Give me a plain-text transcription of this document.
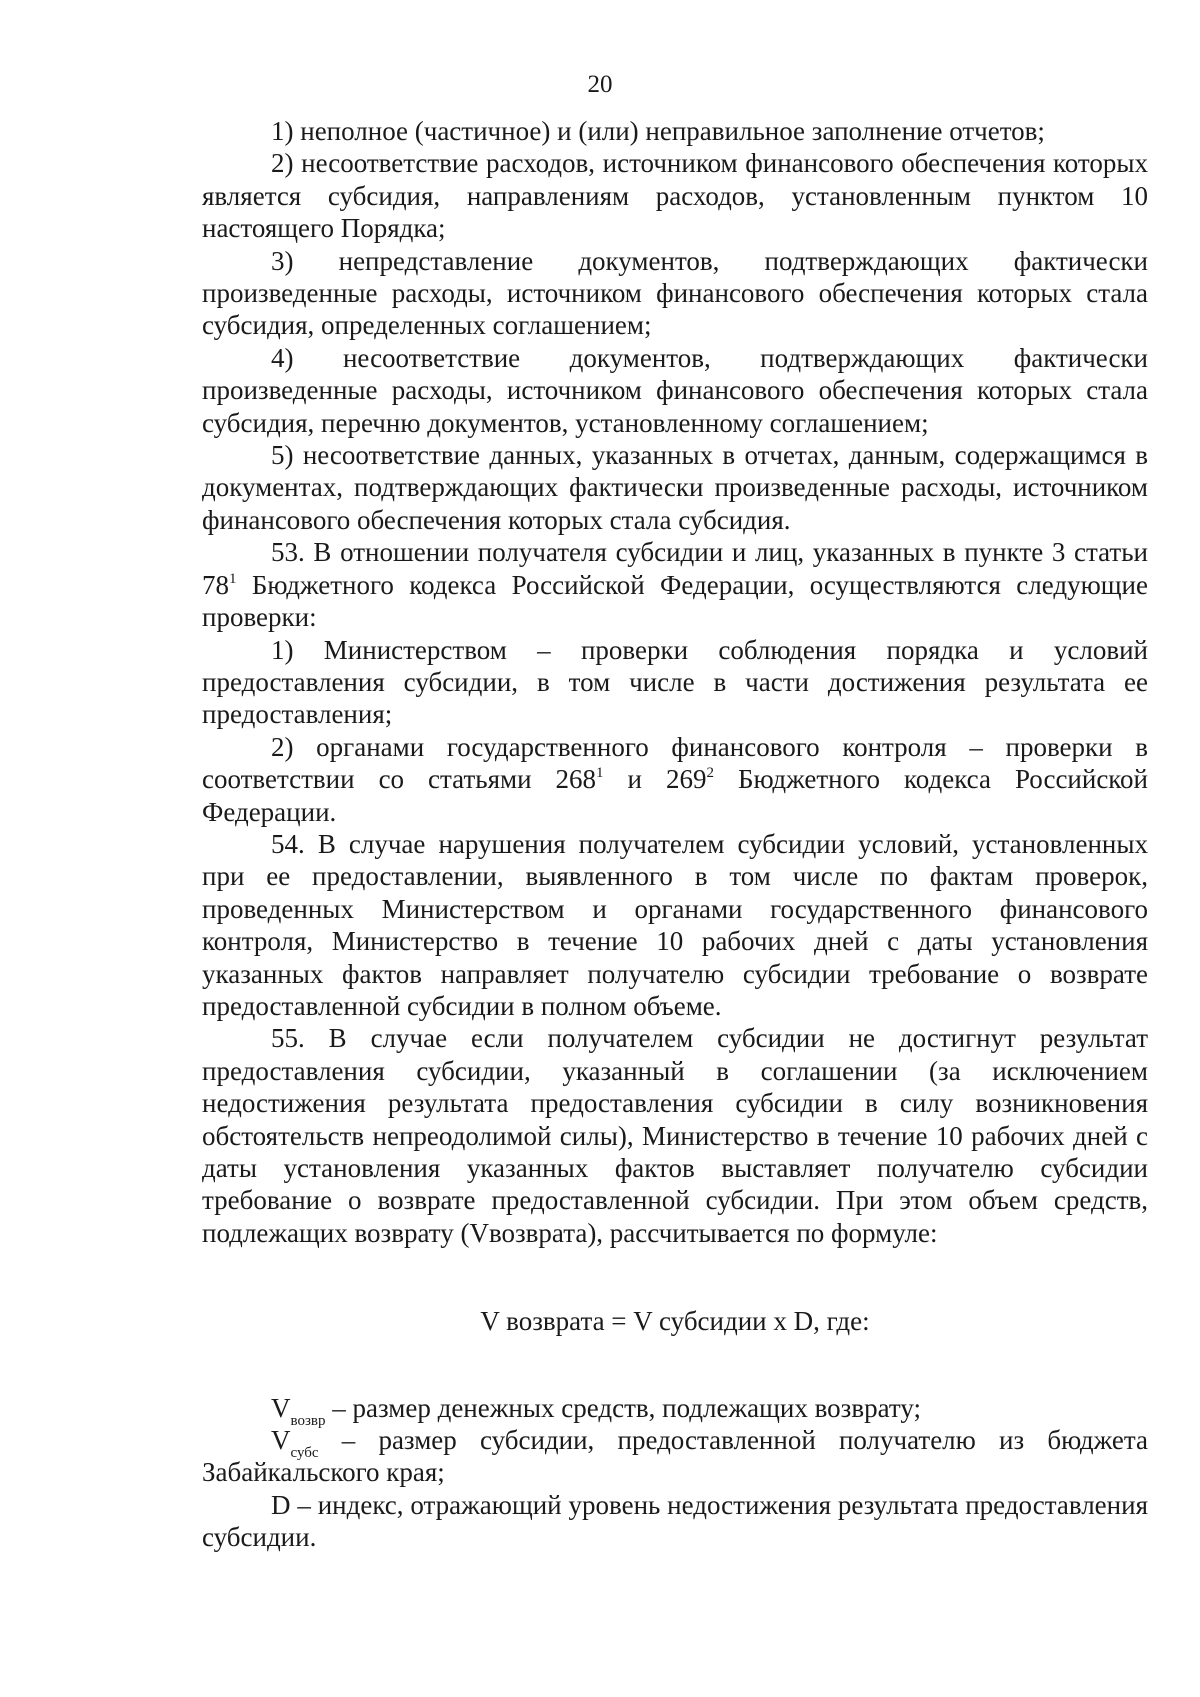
20

1) неполное (частичное) и (или) неправильное заполнение отчетов;

2) несоответствие расходов, источником финансового обеспечения которых является субсидия, направлениям расходов, установленным пунктом 10 настоящего Порядка;

3) непредставление документов, подтверждающих фактически произведенные расходы, источником финансового обеспечения которых стала субсидия, определенных соглашением;

4) несоответствие документов, подтверждающих фактически произведенные расходы, источником финансового обеспечения которых стала субсидия, перечню документов, установленному соглашением;

5) несоответствие данных, указанных в отчетах, данным, содержащимся в документах, подтверждающих фактически произведенные расходы, источником финансового обеспечения которых стала субсидия.

53. В отношении получателя субсидии и лиц, указанных в пункте 3 статьи $78^1$ Бюджетного кодекса Российской Федерации, осуществляются следующие проверки:

1) Министерством – проверки соблюдения порядка и условий предоставления субсидии, в том числе в части достижения результата ее предоставления;

2) органами государственного финансового контроля – проверки в соответствии со статьями $268^1$ и $269^2$ Бюджетного кодекса Российской Федерации.

54. В случае нарушения получателем субсидии условий, установленных при ее предоставлении, выявленного в том числе по фактам проверок, проведенных Министерством и органами государственного финансового контроля, Министерство в течение 10 рабочих дней с даты установления указанных фактов направляет получателю субсидии требование о возврате предоставленной субсидии в полном объеме.

55. В случае если получателем субсидии не достигнут результат предоставления субсидии, указанный в соглашении (за исключением недостижения результата предоставления субсидии в силу возникновения обстоятельств непреодолимой силы), Министерство в течение 10 рабочих дней с даты установления указанных фактов выставляет получателю субсидии требование о возврате предоставленной субсидии. При этом объем средств, подлежащих возврату (Vвозврата), рассчитывается по формуле:

V возврата = V субсидии x D, где:

$V_{возвр}$ – размер денежных средств, подлежащих возврату;

$V_{субс}$ – размер субсидии, предоставленной получателю из бюджета Забайкальского края;

D – индекс, отражающий уровень недостижения результата предоставления субсидии.
